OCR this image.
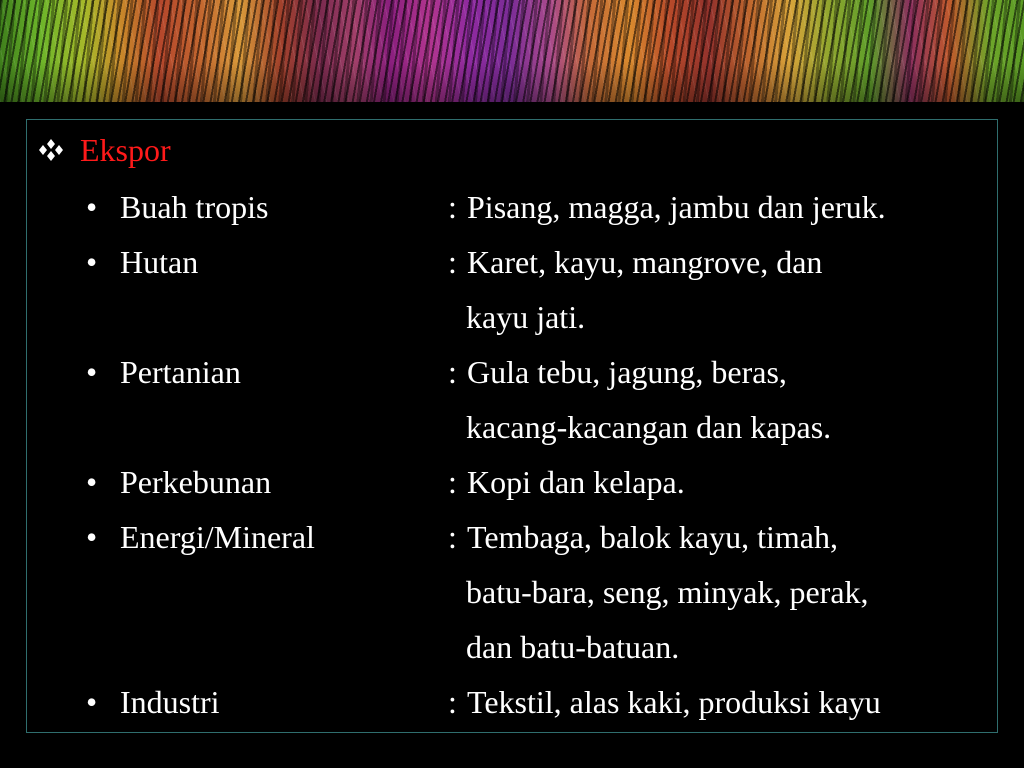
Ekspor
• Buah tropis	: Pisang, magga, jambu dan jeruk.
• Hutan	: Karet, kayu, mangrove, dan
kayu jati.
• Pertanian	: Gula tebu, jagung, beras,
kacang-kacangan dan kapas.
• Perkebunan	: Kopi dan kelapa.
• Energi/Mineral	: Tembaga, balok kayu, timah,
batu-bara, seng, minyak, perak,
dan batu-batuan.
• Industri	: Tekstil, alas kaki, produksi kayu
